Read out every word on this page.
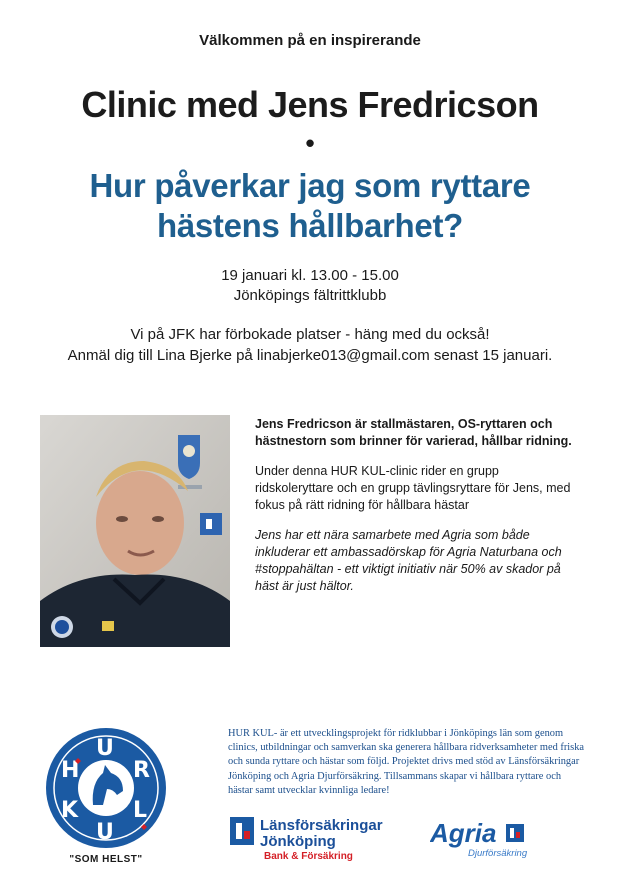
Välkommen på en inspirerande
Clinic med Jens Fredricson
•
Hur påverkar jag som ryttare
hästens hållbarhet?
19 januari kl. 13.00 - 15.00
Jönköpings fältrittklubb
Vi på JFK har förbokade platser - häng med du också!
Anmäl dig till Lina Bjerke på linabjerke013@gmail.com senast 15 januari.

Jens Fredricson är stallmästaren, OS-ryttaren och hästnestorn som brinner för varierad, hållbar ridning.

Under denna HUR KUL-clinic rider en grupp ridskoleryttare och en grupp tävlingsryttare för Jens, med fokus på rätt ridning för hållbara hästar

Jens har ett nära samarbete med Agria som både inkluderar ett ambassadörskap för Agria Naturbana och #stoppahältan - ett viktigt initiativ när 50% av skador på häst är just hältor.

H
U
R
K
U
L
"SOM HELST"
HUR KUL- är ett utvecklingsprojekt för ridklubbar i Jönköpings län som genom clinics, utbildningar och samverkan ska generera hållbara ridverksamheter med friska och sunda ryttare och hästar som följd. Projektet drivs med stöd av Länsförsäkringar Jönköping och Agria Djurförsäkring. Tillsammans skapar vi hållbara ryttare och hästar samt utvecklar kvinnliga ledare!
Länsförsäkringar
Jönköping
Bank & Försäkring
Agria
Djurförsäkring
